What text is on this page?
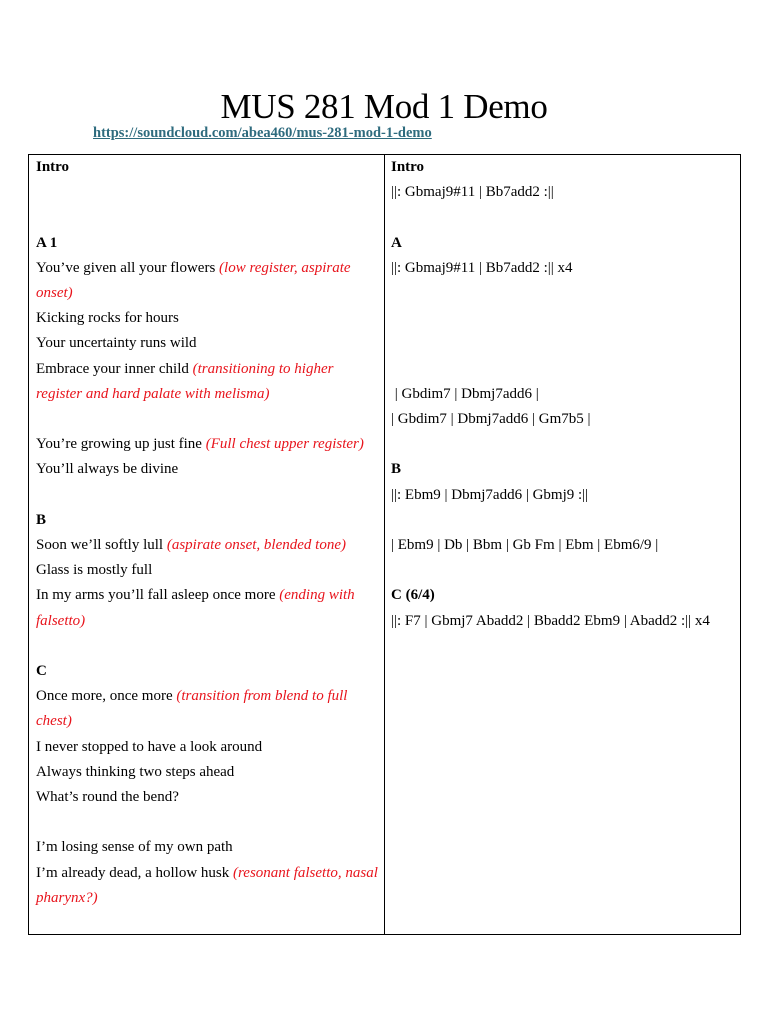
MUS 281 Mod 1 Demo
https://soundcloud.com/abea460/mus-281-mod-1-demo
Intro
A 1
You’ve given all your flowers (low register, aspirate onset)
Kicking rocks for hours
Your uncertainty runs wild
Embrace your inner child (transitioning to higher register and hard palate with melisma)
You’re growing up just fine (Full chest upper register)
You’ll always be divine
B
Soon we’ll softly lull (aspirate onset, blended tone)
Glass is mostly full
In my arms you’ll fall asleep once more (ending with falsetto)
C
Once more, once more (transition from blend to full chest)
I never stopped to have a look around
Always thinking two steps ahead
What’s round the bend?
I’m losing sense of my own path
I’m already dead, a hollow husk (resonant falsetto, nasal pharynx?)
Intro
||: Gbmaj9#11 | Bb7add2 :||
A
||: Gbmaj9#11 | Bb7add2 :|| x4
| Gbdim7 | Dbmj7add6 |
| Gbdim7 | Dbmj7add6 | Gm7b5 |
B
||: Ebm9 | Dbmj7add6 | Gbmj9 :||
| Ebm9 | Db | Bbm | Gb Fm | Ebm | Ebm6/9 |
C (6/4)
||: F7 | Gbmj7 Abadd2 | Bbadd2 Ebm9 | Abadd2 :|| x4
